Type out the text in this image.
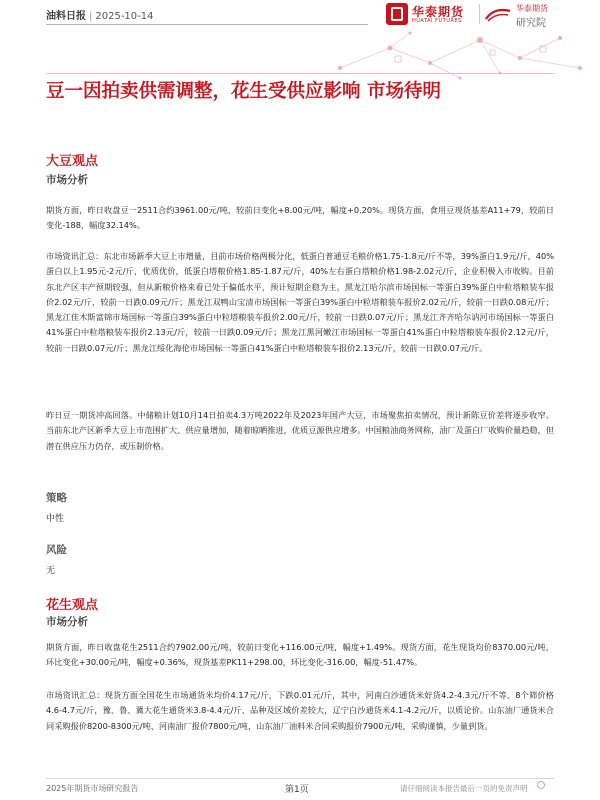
油料日报 | 2025-10-14	华泰期货
HUATAI FUTURES
华泰期货
研究院
豆一因拍卖供需调整，花生受供应影响 市场待明
大豆观点
市场分析
期货方面，昨日收盘豆一2511合约3961.00元/吨，较前日变化+8.00元/吨，幅度+0.20%。现货方面，食用豆现货基差A11+79，较前日变化-188，幅度32.14%。
市场资讯汇总：东北市场新季大豆上市增量，目前市场价格两极分化，低蛋白普通豆毛粮价格1.75-1.8元/斤不等，39%蛋白1.9元/斤，40%蛋白以上1.95元-2元/斤，优质优价，低蛋白塔粮价格1.85-1.87元/斤，40%左右蛋白塔粮价格1.98-2.02元/斤，企业积极入市收购。目前东北产区丰产预期较强，但从新粮价格来看已处于偏低水平，预计短期企稳为主。黑龙江哈尔滨市场国标一等蛋白39%蛋白中粒塔粮装车报价2.02元/斤，较前一日跌0.09元/斤；黑龙江双鸭山宝清市场国标一等蛋白39%蛋白中粒塔粮装车报价2.02元/斤，较前一日跌0.08元/斤；黑龙江佳木斯富锦市场国标一等蛋白39%蛋白中粒塔粮装车报价2.00元/斤，较前一日跌0.07元/斤；黑龙江齐齐哈尔讷河市场国标一等蛋白41%蛋白中粒塔粮装车报价2.13元/斤，较前一日跌0.09元/斤；黑龙江黑河嫩江市场国标一等蛋白41%蛋白中粒塔粮装车报价2.12元/斤，较前一日跌0.07元/斤；黑龙江绥化海伦市场国标一等蛋白41%蛋白中粒塔粮装车报价2.13元/斤，较前一日跌0.07元/斤。
昨日豆一期货冲高回落。中储粮计划10月14日拍卖4.3万吨2022年及2023年国产大豆，市场聚焦拍卖情况，预计新陈豆价差将逐步收窄。当前东北产区新季大豆上市范围扩大、供应量增加，随着晾晒推进，优质豆源供应增多。中国粮油商务网称，油厂及蛋白厂收购价量趋稳，但潜在供应压力仍存，或压制价格。
策略
中性
风险
无
花生观点
市场分析
期货方面，昨日收盘花生2511合约7902.00元/吨，较前日变化+116.00元/吨，幅度+1.49%。现货方面，花生现货均价8370.00元/吨，环比变化+30.00元/吨，幅度+0.36%，现货基差PK11+298.00，环比变化-316.00，幅度-51.47%。
市场资讯汇总：现货方面全国花生市场通货米均价4.17元/斤，下跌0.01元/斤，其中，河南白沙通货米好货4.2-4.3元/斤不等、8个筛价格4.6-4.7元/斤，豫、鲁、冀大花生通货米3.8-4.4元/斤、品种及区域价差较大，辽宁白沙通货米4.1-4.2元/斤，以质论价。山东油厂通货米合同采购报价8200-8300元/吨、河南油厂报价7800元/吨，山东油厂油料米合同采购报价7900元/吨，采购谨慎，少量到货。
2025年期货市场研究报告	第1页	请仔细阅读本报告最后一页的免责声明
